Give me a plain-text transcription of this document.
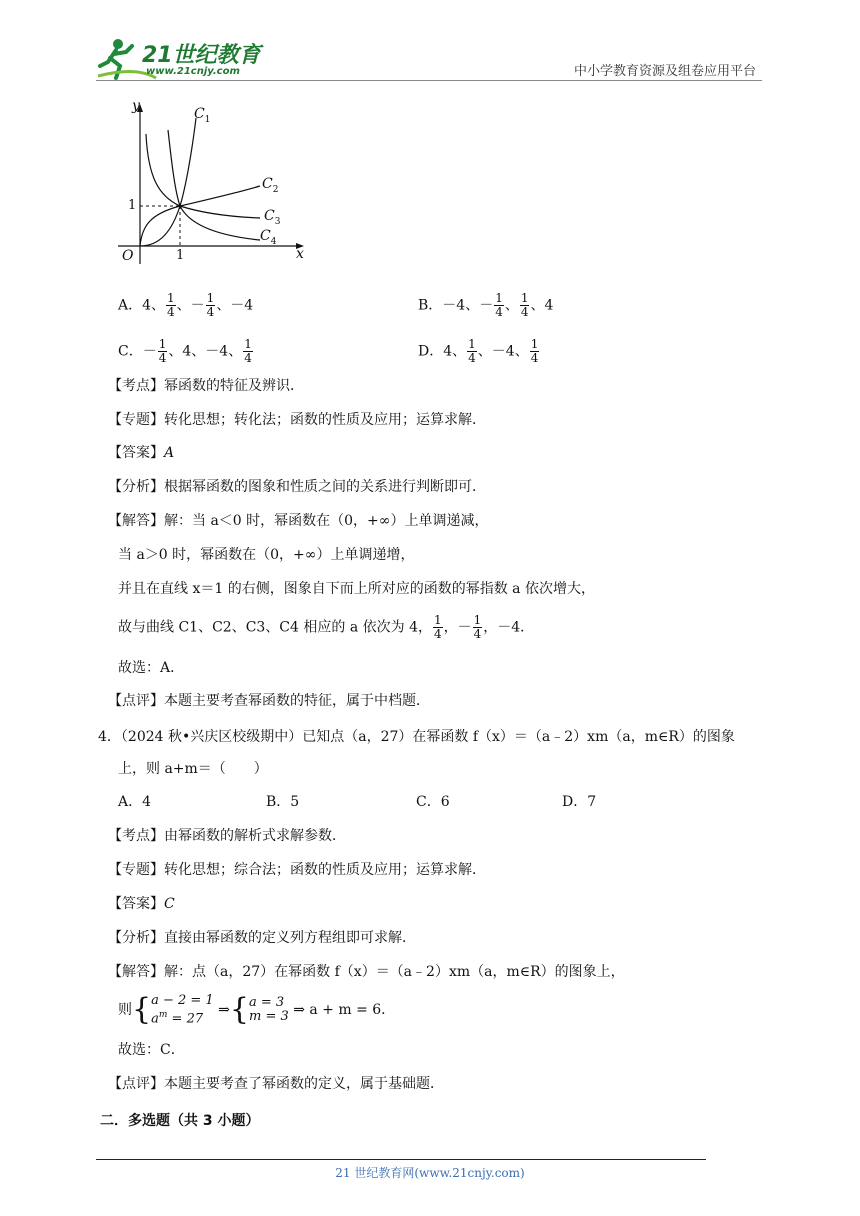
21世纪教育
www.21cnjy.com	中小学教育资源及组卷应用平台
y
x
O	1
1
$C_1$
$C_2$
$C_3$
$C_4$
A．4、 $\frac{1}{4}$ 、－ $\frac{1}{4}$ 、－4	B．－4、－ $\frac{1}{4}$ 、 $\frac{1}{4}$ 、4
C．－ $\frac{1}{4}$ 、4、－4、 $\frac{1}{4}$	D．4、 $\frac{1}{4}$ 、－4、 $\frac{1}{4}$
【考点】幂函数的特征及辨识．
【专题】转化思想；转化法；函数的性质及应用；运算求解．
【答案】A
【分析】根据幂函数的图象和性质之间的关系进行判断即可．
【解答】解：当 a＜0 时，幂函数在（0，+∞）上单调递减，
当 a＞0 时，幂函数在（0，+∞）上单调递增，
并且在直线 x＝1 的右侧，图象自下而上所对应的函数的幂指数 a 依次增大，
故与曲线 C1、C2、C3、C4 相应的 a 依次为 4， $\frac{1}{4}$ ，－ $\frac{1}{4}$ ，－4．
故选：A．
【点评】本题主要考查幂函数的特征，属于中档题．
4．（2024 秋•兴庆区校级期中）已知点（a，27）在幂函数 f（x）＝（a﹣2）xm（a，m∈R）的图象
上，则 a+m＝（　　）
A．4	B．5	C．6	D．7
【考点】由幂函数的解析式求解参数．
【专题】转化思想；综合法；函数的性质及应用；运算求解．
【答案】C
【分析】直接由幂函数的定义列方程组即可求解．
【解答】解：点（a，27）在幂函数 f（x）＝（a﹣2）xm（a，m∈R）的图象上，
则{ a − 2 = 1
$a^m = 27$
⇒{ a = 3
m = 3 ⇒ a + m = 6．
故选：C．
【点评】本题主要考查了幂函数的定义，属于基础题．
二．多选题（共 3 小题）
21 世纪教育网(www.21cnjy.com)
